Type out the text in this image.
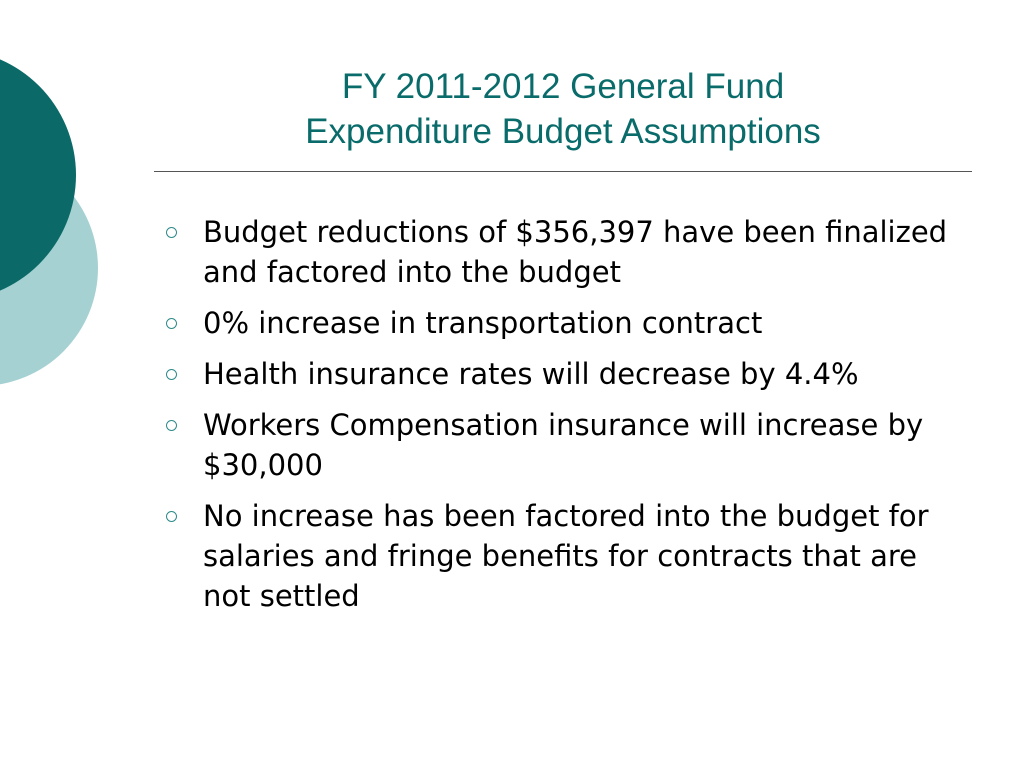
FY 2011-2012 General Fund
Expenditure Budget Assumptions
Budget reductions of $356,397 have been finalized and factored into the budget
0% increase in transportation contract
Health insurance rates will decrease by 4.4%
Workers Compensation insurance will increase by $30,000
No increase has been factored into the budget for salaries and fringe benefits for contracts that are not settled
